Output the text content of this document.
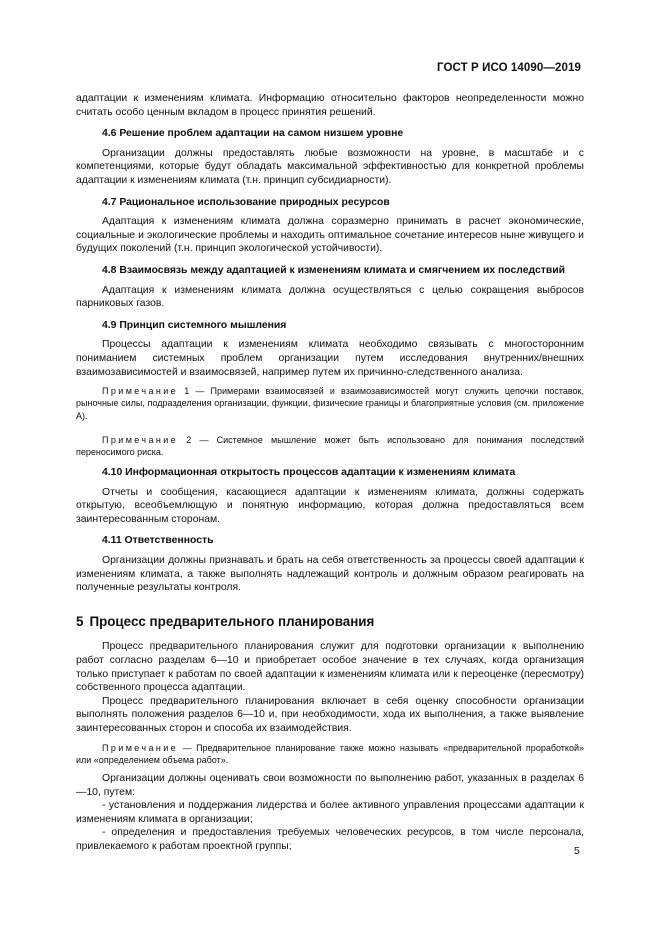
ГОСТ Р ИСО 14090—2019

адаптации к изменениям климата. Информацию относительно факторов неопределенности можно считать особо ценным вкладом в процесс принятия решений.

4.6 Решение проблем адаптации на самом низшем уровне

Организации должны предоставлять любые возможности на уровне, в масштабе и с компетенциями, которые будут обладать максимальной эффективностью для конкретной проблемы адаптации к изменениям климата (т.н. принцип субсидиарности).

4.7 Рациональное использование природных ресурсов

Адаптация к изменениям климата должна соразмерно принимать в расчет экономические, социальные и экологические проблемы и находить оптимальное сочетание интересов ныне живущего и будущих поколений (т.н. принцип экологической устойчивости).

4.8 Взаимосвязь между адаптацией к изменениям климата и смягчением их последствий

Адаптация к изменениям климата должна осуществляться с целью сокращения выбросов парниковых газов.

4.9 Принцип системного мышления

Процессы адаптации к изменениям климата необходимо связывать с многосторонним пониманием системных проблем организации путем исследования внутренних/внешних взаимозависимостей и взаимосвязей, например путем их причинно-следственного анализа.

Примечание 1 — Примерами взаимосвязей и взаимозависимостей могут служить цепочки поставок, рыночные силы, подразделения организации, функции, физические границы и благоприятные условия (см. приложение А).

Примечание 2 — Системное мышление может быть использовано для понимания последствий переносимого риска.

4.10 Информационная открытость процессов адаптации к изменениям климата

Отчеты и сообщения, касающиеся адаптации к изменениям климата, должны содержать открытую, всеобъемлющую и понятную информацию, которая должна предоставляться всем заинтересованным сторонам.

4.11 Ответственность

Организации должны признавать и брать на себя ответственность за процессы своей адаптации к изменениям климата, а также выполнять надлежащий контроль и должным образом реагировать на полученные результаты контроля.

5 Процесс предварительного планирования

Процесс предварительного планирования служит для подготовки организации к выполнению работ согласно разделам 6—10 и приобретает особое значение в тех случаях, когда организация только приступает к работам по своей адаптации к изменениям климата или к переоценке (пересмотру) собственного процесса адаптации.

Процесс предварительного планирования включает в себя оценку способности организации выполнять положения разделов 6—10 и, при необходимости, хода их выполнения, а также выявление заинтересованных сторон и способа их взаимодействия.

Примечание — Предварительное планирование также можно называть «предварительной проработкой» или «определением объема работ».

Организации должны оценивать свои возможности по выполнению работ, указанных в разделах 6—10, путем:

- установления и поддержания лидерства и более активного управления процессами адаптации к изменениям климата в организации;

- определения и предоставления требуемых человеческих ресурсов, в том числе персонала, привлекаемого к работам проектной группы;	5
